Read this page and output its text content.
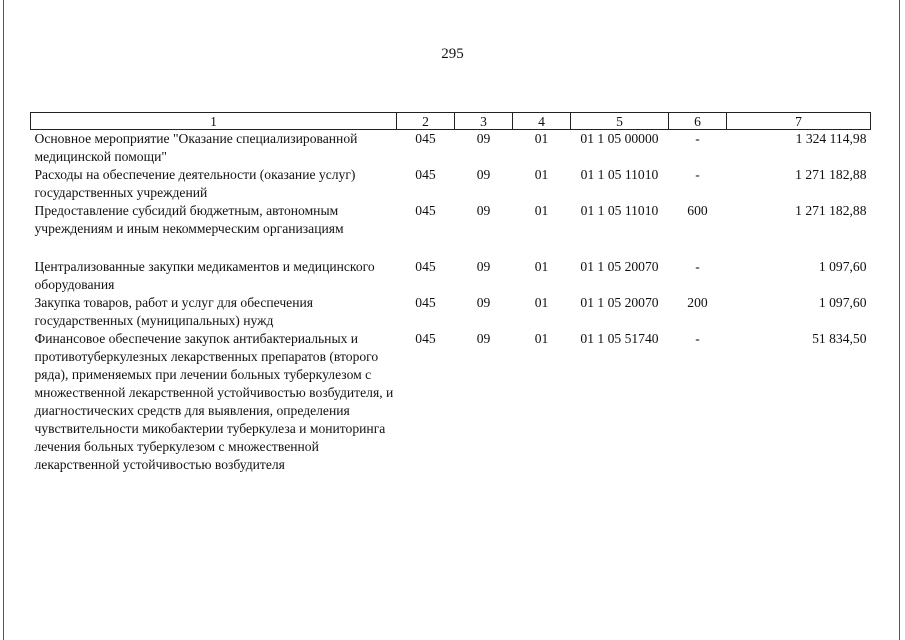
295
1	2	3	4	5	6	7
Основное мероприятие "Оказание специализированной медицинской помощи"	045	09	01	01 1 05 00000	-	1 324 114,98
Расходы на обеспечение деятельности (оказание услуг) государственных учреждений	045	09	01	01 1 05 11010	-	1 271 182,88
Предоставление субсидий бюджетным, автономным учреждениям и иным некоммерческим организациям	045	09	01	01 1 05 11010	600	1 271 182,88

Централизованные закупки медикаментов и медицинского оборудования	045	09	01	01 1 05 20070	-	1 097,60
Закупка товаров, работ и услуг для обеспечения государственных (муниципальных) нужд	045	09	01	01 1 05 20070	200	1 097,60
Финансовое обеспечение закупок антибактериальных и противотуберкулезных лекарственных препаратов (второго ряда), применяемых при лечении больных туберкулезом с множественной лекарственной устойчивостью возбудителя, и диагностических средств для выявления, определения чувствительности микобактерии туберкулеза и мониторинга лечения больных туберкулезом с множественной лекарственной устойчивостью возбудителя	045	09	01	01 1 05 51740	-	51 834,50
